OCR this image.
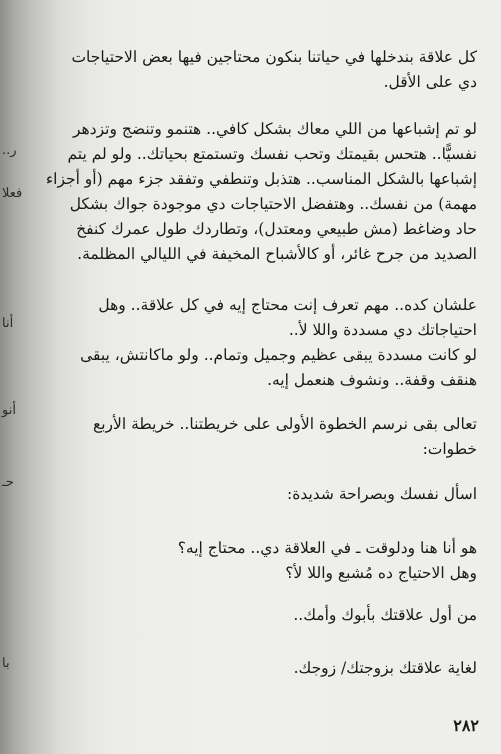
ر..
فعلا
أنا
أنو
حـ
با

كل علاقة بندخلها في حياتنا بنكون محتاجين فيها بعض الاحتياجات
دي على الأقل.

لو تم إشباعها من اللي معاك بشكل كافي.. هتنمو وتنضج وتزدهر
نفسيًّا.. هتحس بقيمتك وتحب نفسك وتستمتع بحياتك.. ولو لم يتم
إشباعها بالشكل المناسب.. هتذبل وتنطفي وتفقد جزء مهم (أو أجزاء
مهمة) من نفسك.. وهتفضل الاحتياجات دي موجودة جواك بشكل
حاد وضاغط (مش طبيعي ومعتدل)، وتطاردك طول عمرك كنفخ
الصديد من جرح غائر، أو كالأشباح المخيفة في الليالي المظلمة.

علشان كده.. مهم تعرف إنت محتاج إيه في كل علاقة.. وهل
احتياجاتك دي مسددة واللا لأ..
لو كانت مسددة يبقى عظيم وجميل وتمام.. ولو ماكانتش، يبقى
هنقف وقفة.. ونشوف هنعمل إيه.

تعالى بقى نرسم الخطوة الأولى على خريطتنا.. خريطة الأربع
خطوات:

اسأل نفسك وبصراحة شديدة:

هو أنا هنا ودلوقت ـ في العلاقة دي.. محتاج إيه؟
وهل الاحتياج ده مُشبع واللا لأ؟

من أول علاقتك بأبوك وأمك..

لغاية علاقتك بزوجتك/ زوجك.

٢٨٢
